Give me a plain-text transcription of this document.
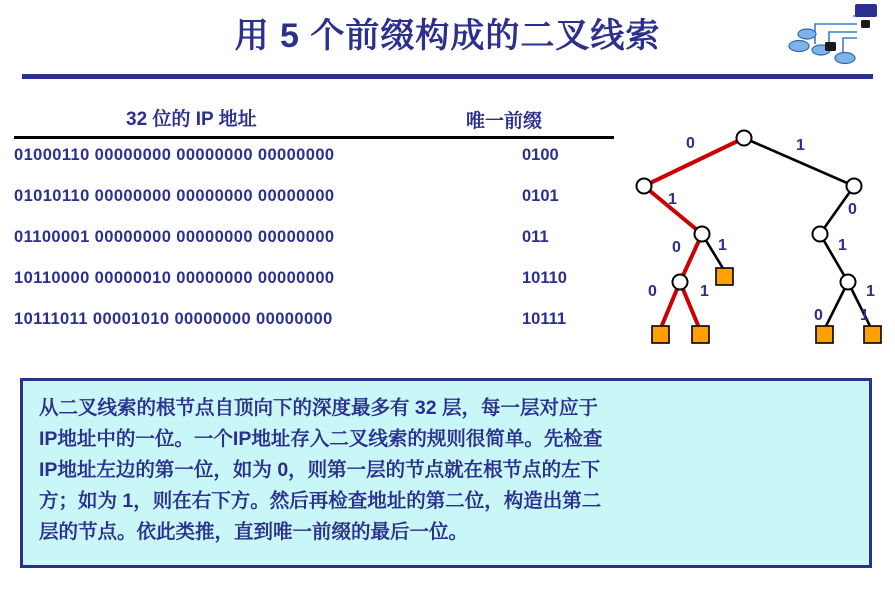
用 5 个前缀构成的二叉线索
32 位的 IP 地址	唯一前缀
01000110 00000000 00000000 00000000	0100
01010110 00000000 00000000 00000000	0101
01100001 00000000 00000000 00000000	011
10110000 00000010 00000000 00000000	10110
10111011 00001010 00000000 00000000	10111
0	1
1
0
0 1	1
0	1	1
0 1
从二叉线索的根节点自顶向下的深度最多有 32 层，每一层对应于
IP地址中的一位。一个IP地址存入二叉线索的规则很简单。先检查
IP地址左边的第一位，如为 0，则第一层的节点就在根节点的左下
方；如为 1，则在右下方。然后再检查地址的第二位，构造出第二
层的节点。依此类推，直到唯一前缀的最后一位。
